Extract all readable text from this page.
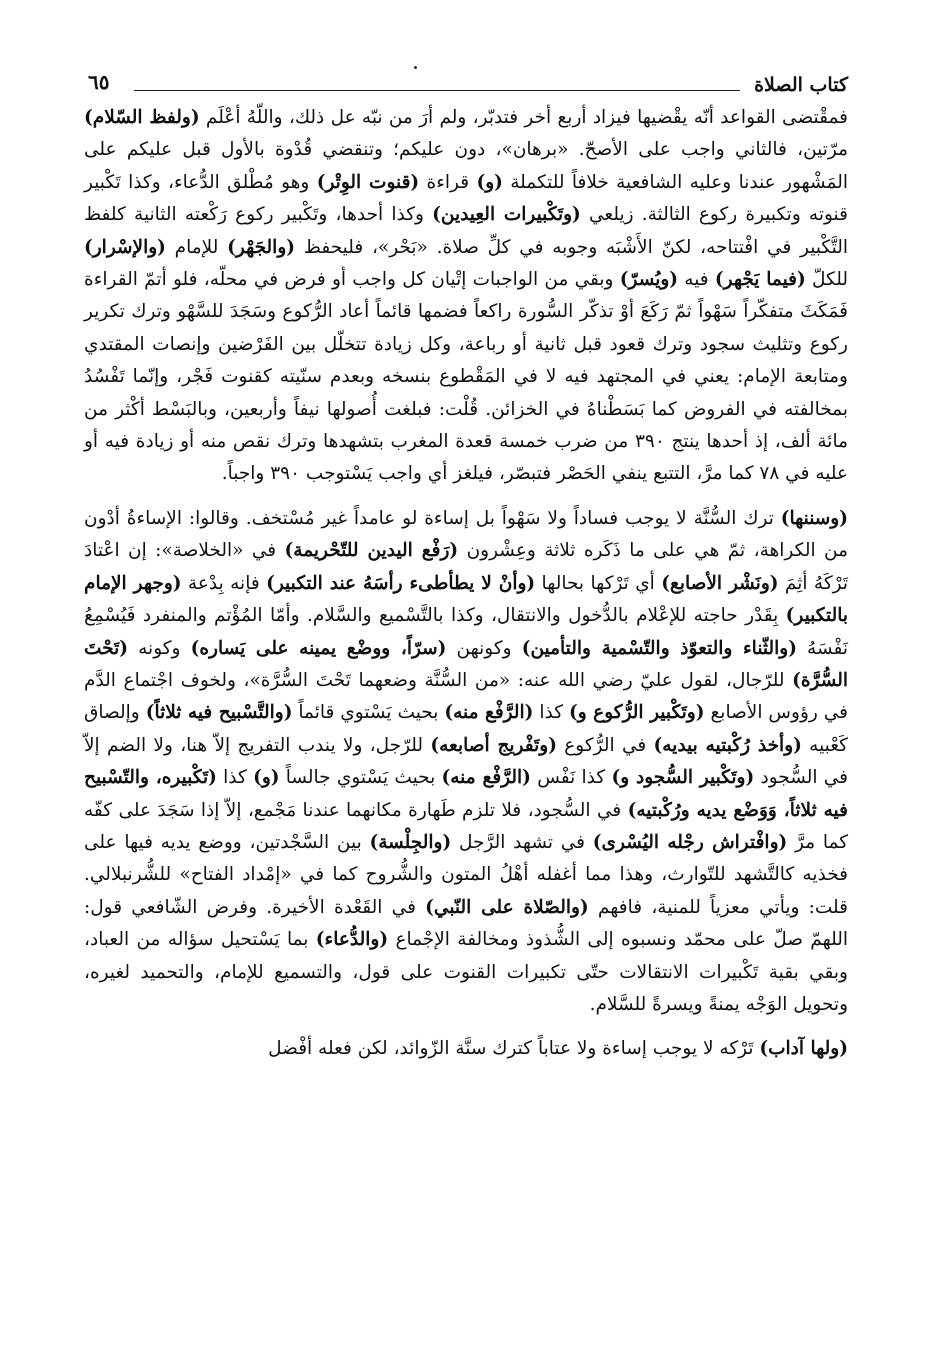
كتاب الصلاة
٦٥

فمقْتضى القواعد أنّه يقْضيها فيزاد أربع أخر فتدبّر، ولم أرَ من نبّه عل ذلك، واللّهُ أعْلَم (ولفظ السّلام) مرّتين، فالثاني واجب على الأصحّ. «برهان»، دون عليكم؛ وتنقضي قُدْوة بالأول قبل عليكم على المَشْهور عندنا وعليه الشافعية خلافاً للتكملة (و) قراءة (قنوت الوِتْر) وهو مُطْلق الدُّعاء، وكذا تَكْبير قنوته وتكبيرة ركوع الثالثة. زيلعي (وتَكْبيرات العِيدين) وكذا أحدها، وتَكْبير ركوع رَكْعته الثانية كلفظ التَّكْبير في افْتتاحه، لكنّ الأَشْبَه وجوبه في كلِّ صلاة. «بَحْر»، فليحفظ (والجَهْر) للإمام (والإسْرار) للكلّ (فيما يَجْهر) فيه (ويُسرّ) وبقي من الواجبات إتْيان كل واجب أو فرض في محلّه، فلو أتمّ القراءة فَمَكَثَ متفكّراً سَهْواً ثمّ رَكَعَ أوْ تذكّر السُّورة راكعاً فضمها قائماً أعاد الرُّكوع وسَجَدَ للسَّهْو وترك تكرير ركوع وتثليث سجود وترك قعود قبل ثانية أو رباعة، وكل زيادة تتخلّل بين الفَرْضين وإنصات المقتدي ومتابعة الإمام: يعني في المجتهد فيه لا في المَقْطوع بنسخه وبعدم سنّيته كقنوت فَجْر، وإنّما تَفْسُدُ بمخالفته في الفروض كما بَسَطْناهُ في الخزائن. قُلْت: فبلغت أُصولها نيفاً وأربعين، وبالبَسْط أكْثر من مائة ألف، إذ أحدها ينتج ٣٩٠ من ضرب خمسة قعدة المغرب بتشهدها وترك نقص منه أو زيادة فيه أو عليه في ٧٨ كما مرَّ، التتبع ينفي الحَصْر فتبصّر، فيلغز أي واجب يَسْتوجب ٣٩٠ واجباً.

(وسننها) ترك السُّنَّة لا يوجب فساداً ولا سَهْواً بل إساءة لو عامداً غير مُسْتخف. وقالوا: الإساءةُ أدْون من الكراهة، ثمّ هي على ما ذَكَره ثلاثة وعِشْرون (رَفْع اليدين للتّحْريمة) في «الخلاصة»: إن اعْتادَ تَرْكَهُ أثِمَ (ونَشْر الأصابع) أي تَرْكها بحالها (وأنْ لا يطأطىء رأسَهُ عند التكبير) فإنه بِدْعة (وجهر الإمام بالتكبير) بِقَدْر حاجته للإعْلام بالدُّخول والانتقال، وكذا بالتَّسْميع والسَّلام. وأمّا المُؤْتم والمنفرد فَيُسْمِعُ نَفْسَهُ (والثّناء والتعوّذ والتّسْمية والتأمين) وكونهن (سرّاً، ووضْع يمينه على يَساره) وكونه (تَحْتَ السُّرَّة) للرّجال، لقول عليّ رضي الله عنه: «من السُّنَّة وضعهما تَحْتَ السُّرَّة»، ولخوف اجْتماع الدَّم في رؤوس الأصابع (وتَكْبير الرُّكوع و) كذا (الرَّفْع منه) بحيث يَسْتوي قائماً (والتَّسْبيح فيه ثلاثاً) وإلصاق كَعْبيه (وأخذ رُكْبتيه بيديه) في الرُّكوع (وتَفْريج أصابعه) للرّجل، ولا يندب التفريج إلاّ هنا، ولا الضم إلاّ في السُّجود (وتَكْبير السُّجود و) كذا نَفْس (الرَّفْع منه) بحيث يَسْتوي جالساً (و) كذا (تَكْبيره، والتّسْبيح فيه ثلاثاً، وَوَضْع يديه ورُكْبتيه) في السُّجود، فلا تلزم طَهارة مكانهما عندنا مَجْمع، إلاّ إذا سَجَدَ على كفّه كما مرَّ (وافْتراش رجْله اليُسْرى) في تشهد الرَّجل (والجِلْسة) بين السَّجْدتين، ووضع يديه فيها على فخذيه كالتَّشهد للتّوارث، وهذا مما أغفله أهْلُ المتون والشُّروح كما في «إمْداد الفتاح» للشُّرنبلالي. قلت: ويأتي معزياً للمنية، فافهم (والصّلاة على النّبي) في القَعْدة الأخيرة. وفرض الشّافعي قول: اللهمّ صلّ على محمّد ونسبوه إلى الشُّذوذ ومخالفة الإجْماع (والدُّعاء) بما يَسْتحيل سؤاله من العباد، وبقي بقية تَكْبيرات الانتقالات حتّى تكبيرات القنوت على قول، والتسميع للإمام، والتحميد لغيره، وتحويل الوَجْه يمنةً ويسرةً للسَّلام.

(ولها آداب) تَرْكه لا يوجب إساءة ولا عتاباً كترك سنَّة الزّوائد، لكن فعله أفْضل
